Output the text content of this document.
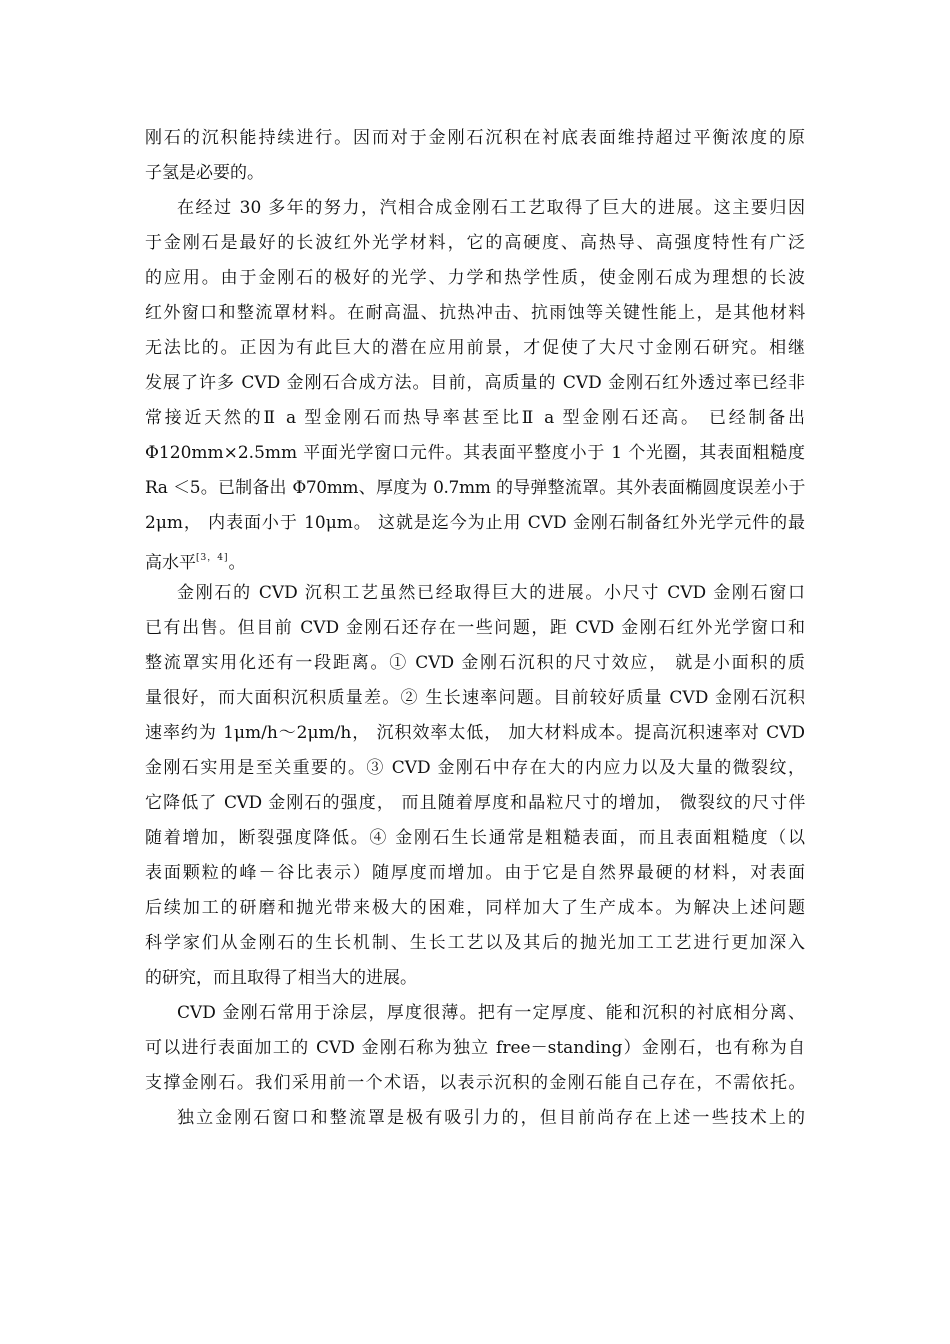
刚石的沉积能持续进行。因而对于金刚石沉积在衬底表面维持超过平衡浓度的原
子氢是必要的。
在经过 30 多年的努力，汽相合成金刚石工艺取得了巨大的进展。这主要归因
于金刚石是最好的长波红外光学材料，它的高硬度、高热导、高强度特性有广泛
的应用。由于金刚石的极好的光学、力学和热学性质，使金刚石成为理想的长波
红外窗口和整流罩材料。在耐高温、抗热冲击、抗雨蚀等关键性能上，是其他材料
无法比的。正因为有此巨大的潜在应用前景，才促使了大尺寸金刚石研究。相继
发展了许多 CVD 金刚石合成方法。目前，高质量的 CVD 金刚石红外透过率已经非
常接近天然的Ⅱ a 型金刚石而热导率甚至比Ⅱ a 型金刚石还高。 已经制备出
Φ120mm×2.5mm 平面光学窗口元件。其表面平整度小于 1 个光圈，其表面粗糙度
Ra ＜5。已制备出 Φ70mm、厚度为 0.7mm 的导弹整流罩。其外表面椭圆度误差小于
2μm， 内表面小于 10μm。 这就是迄今为止用 CVD 金刚石制备红外光学元件的最
高水平[3，4]。
金刚石的 CVD 沉积工艺虽然已经取得巨大的进展。小尺寸 CVD 金刚石窗口
已有出售。但目前 CVD 金刚石还存在一些问题，距 CVD 金刚石红外光学窗口和
整流罩实用化还有一段距离。① CVD 金刚石沉积的尺寸效应， 就是小面积的质
量很好，而大面积沉积质量差。② 生长速率问题。目前较好质量 CVD 金刚石沉积
速率约为 1μm/h～2μm/h， 沉积效率太低， 加大材料成本。提高沉积速率对 CVD
金刚石实用是至关重要的。③ CVD 金刚石中存在大的内应力以及大量的微裂纹，
它降低了 CVD 金刚石的强度， 而且随着厚度和晶粒尺寸的增加， 微裂纹的尺寸伴
随着增加，断裂强度降低。④ 金刚石生长通常是粗糙表面，而且表面粗糙度（以
表面颗粒的峰－谷比表示）随厚度而增加。由于它是自然界最硬的材料，对表面
后续加工的研磨和抛光带来极大的困难，同样加大了生产成本。为解决上述问题
科学家们从金刚石的生长机制、生长工艺以及其后的抛光加工工艺进行更加深入
的研究，而且取得了相当大的进展。
CVD 金刚石常用于涂层，厚度很薄。把有一定厚度、能和沉积的衬底相分离、
可以进行表面加工的 CVD 金刚石称为独立 free－standing）金刚石，也有称为自
支撑金刚石。我们采用前一个术语，以表示沉积的金刚石能自己存在，不需依托。
独立金刚石窗口和整流罩是极有吸引力的，但目前尚存在上述一些技术上的
